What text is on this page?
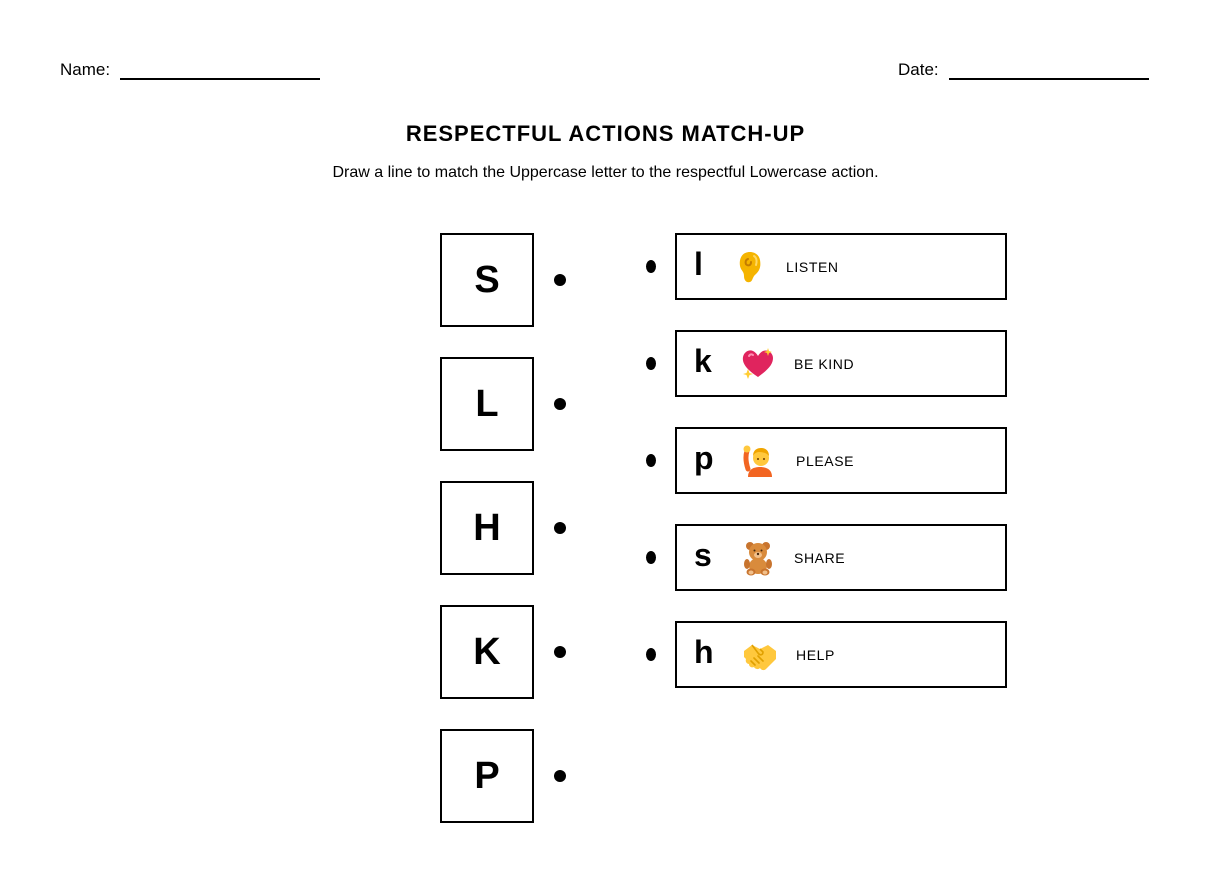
Name:	Date:
RESPECTFUL ACTIONS MATCH-UP
Draw a line to match the Uppercase letter to the respectful Lowercase action.
S
L
H
K
P
l	LISTEN
k	BE KIND
p	PLEASE
s	SHARE
h	HELP
